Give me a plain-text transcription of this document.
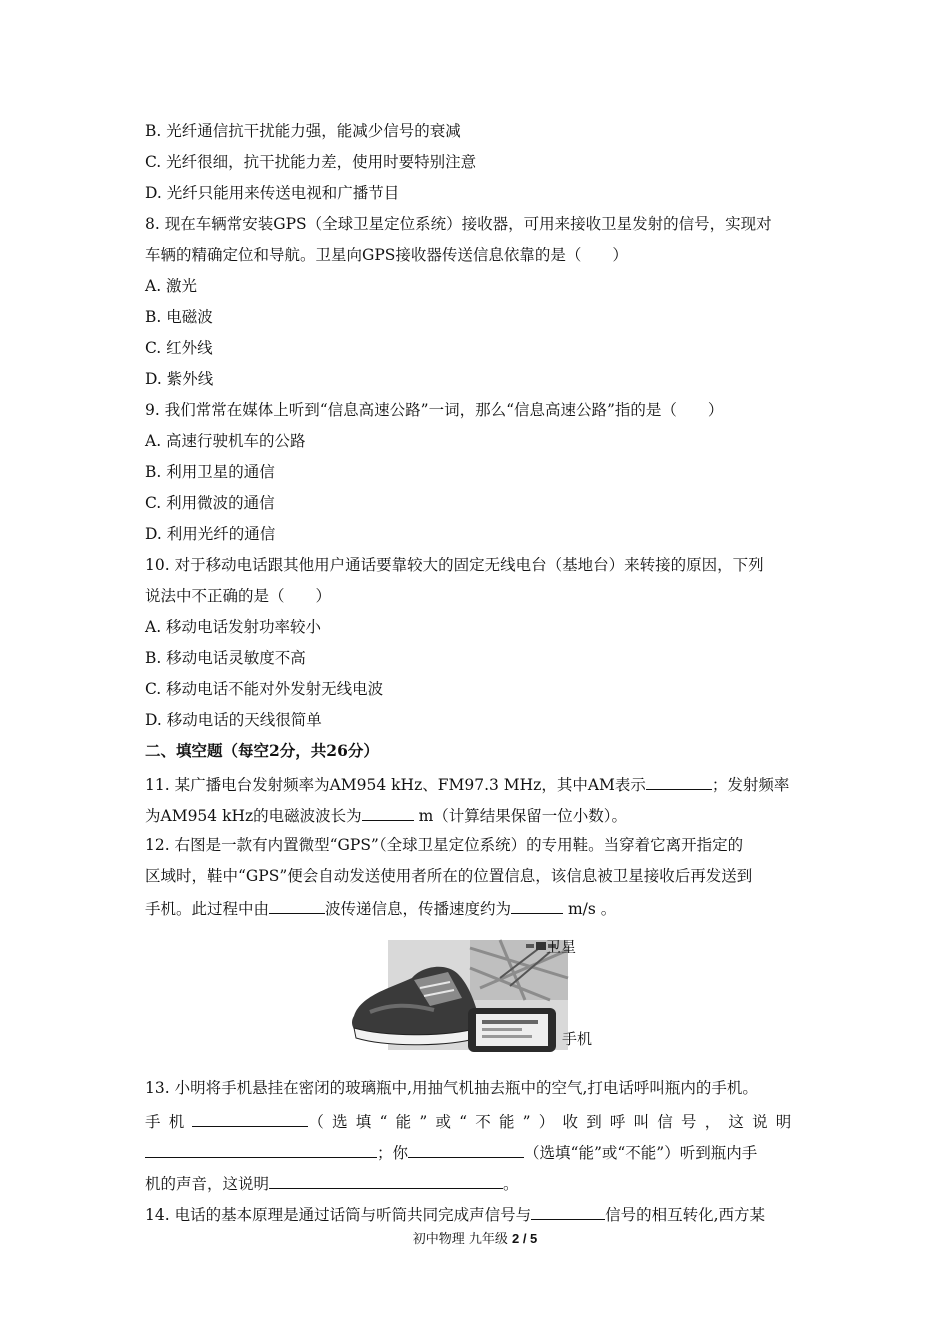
B. 光纤通信抗干扰能力强，能减少信号的衰减
C. 光纤很细，抗干扰能力差，使用时要特别注意
D. 光纤只能用来传送电视和广播节目
8. 现在车辆常安装GPS（全球卫星定位系统）接收器，可用来接收卫星发射的信号，实现对
车辆的精确定位和导航。卫星向GPS接收器传送信息依靠的是（　　）
A. 激光
B. 电磁波
C. 红外线
D. 紫外线
9. 我们常常在媒体上听到“信息高速公路”一词，那么“信息高速公路”指的是（　　）
A. 高速行驶机车的公路
B. 利用卫星的通信
C. 利用微波的通信
D. 利用光纤的通信
10. 对于移动电话跟其他用户通话要靠较大的固定无线电台（基地台）来转接的原因，下列
说法中不正确的是（　　）
A. 移动电话发射功率较小
B. 移动电话灵敏度不高
C. 移动电话不能对外发射无线电波
D. 移动电话的天线很简单
二、填空题（每空2分，共26分）
11. 某广播电台发射频率为AM954 kHz、FM97.3 MHz，其中AM表示	；发射频率
为AM954 kHz的电磁波波长为	m（计算结果保留一位小数）。
12. 右图是一款有内置微型“GPS”（全球卫星定位系统）的专用鞋。当穿着它离开指定的
区域时，鞋中“GPS”便会自动发送使用者所在的位置信息，该信息被卫星接收后再发送到
手机。此过程中由	波传递信息，传播速度约为	m/s 。
卫星
手机
13. 小明将手机悬挂在密闭的玻璃瓶中,用抽气机抽去瓶中的空气,打电话呼叫瓶内的手机。
手机	（选填“能”或“不能”）收到呼叫信号，这说明
；你	（选填“能”或“不能”）听到瓶内手
机的声音，这说明	。
14. 电话的基本原理是通过话筒与听筒共同完成声信号与	信号的相互转化,西方某
初中物理 九年级 2 / 5
